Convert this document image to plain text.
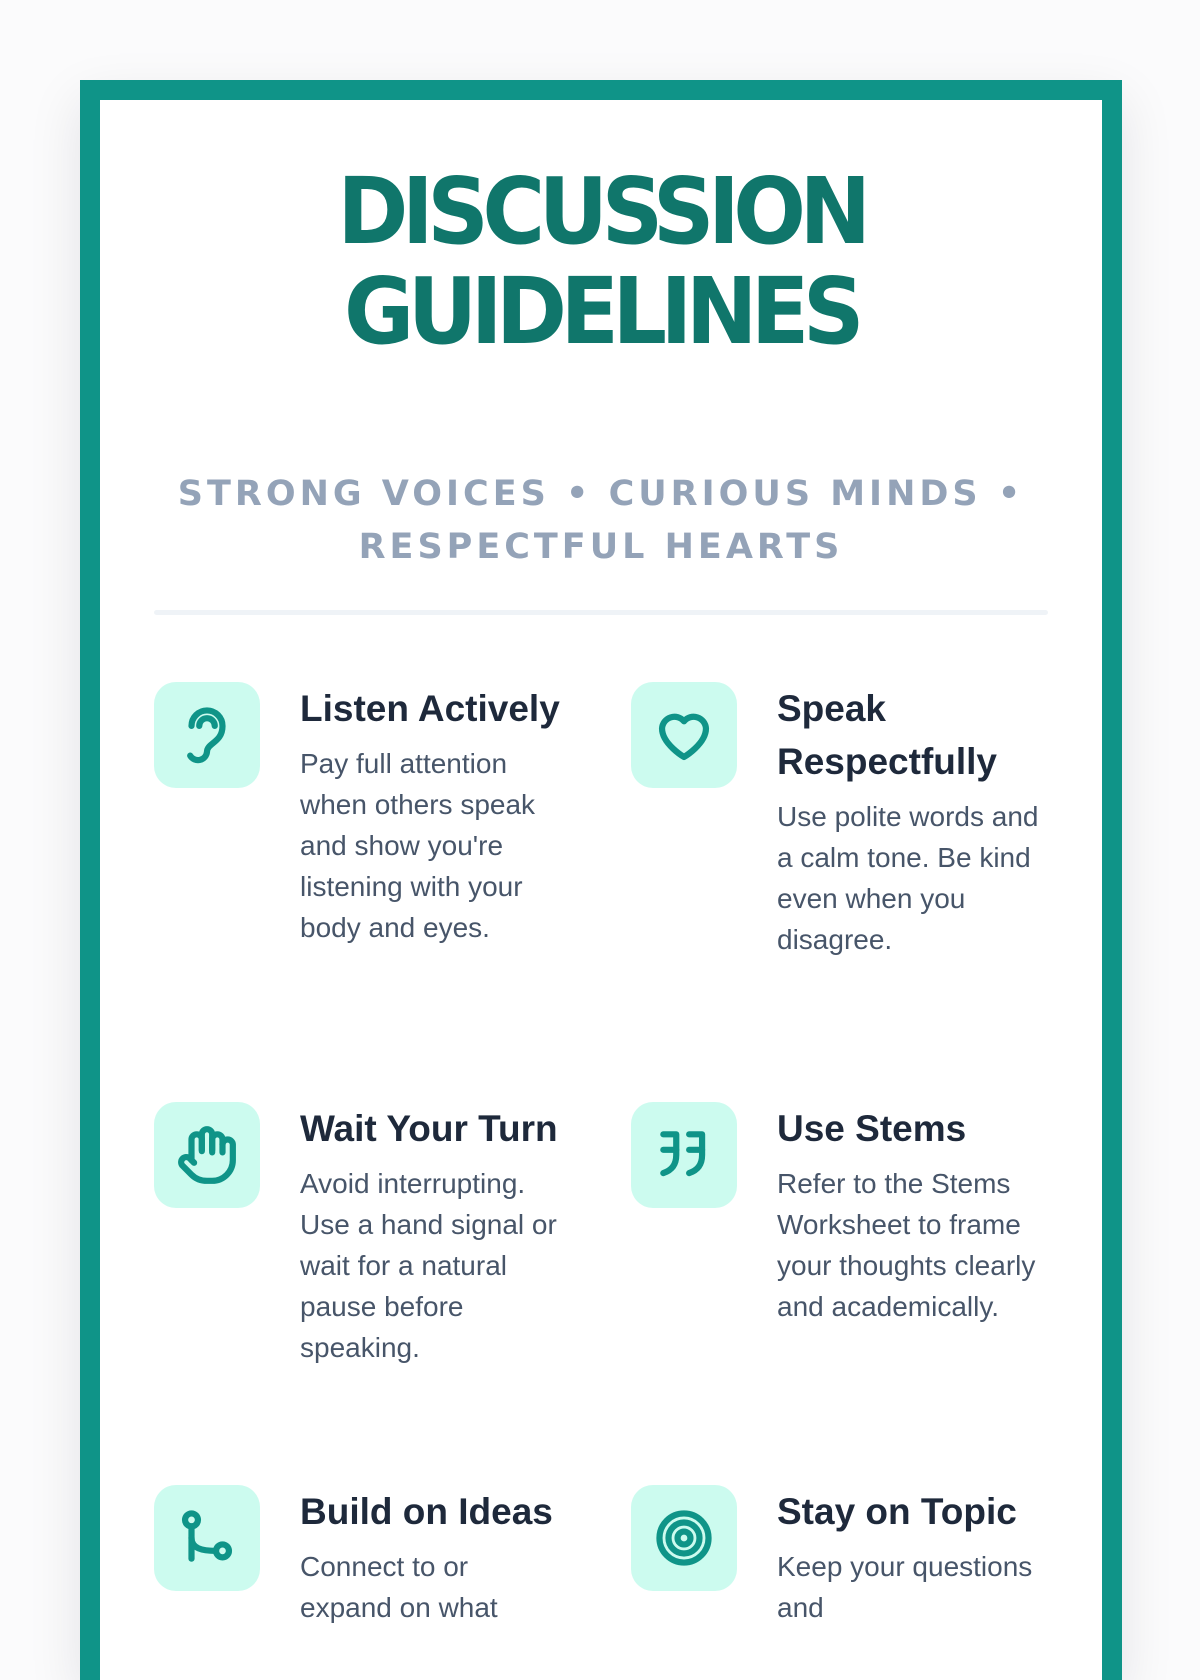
DISCUSSION
GUIDELINES
STRONG VOICES • CURIOUS MINDS • RESPECTFUL HEARTS
Listen Actively

Pay full attention when others speak and show you're listening with your body and eyes.

Speak Respectfully

Use polite words and a calm tone. Be kind even when you disagree.

Wait Your Turn

Avoid interrupting. Use a hand signal or wait for a natural pause before speaking.

Use Stems

Refer to the Stems Worksheet to frame your thoughts clearly and academically.

Build on Ideas

Connect to or expand on what

Stay on Topic

Keep your questions and
